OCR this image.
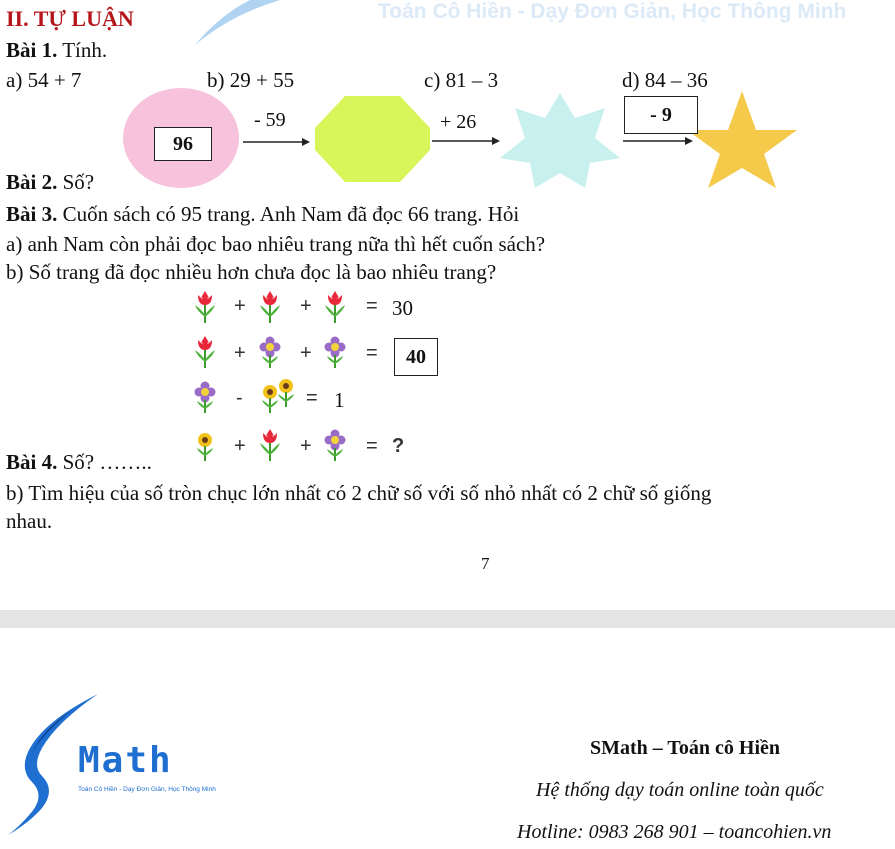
Toán Cô Hiền - Dạy Đơn Giản, Học Thông Minh
II. TỰ LUẬN
Bài 1. Tính.
a) 54 + 7	b) 29 + 55	c) 81 – 3	d) 84 – 36
96
- 59	+ 26	- 9
Bài 2. Số?
Bài 3. Cuốn sách có 95 trang. Anh Nam đã đọc 66 trang. Hỏi
a) anh Nam còn phải đọc bao nhiêu trang nữa thì hết cuốn sách?
b) Số trang đã đọc nhiều hơn chưa đọc là bao nhiêu trang?
+	+	= 30
+	+	=	40
-	= 1
+	+	= ?
Bài 4. Số? ……..
b) Tìm hiệu của số tròn chục lớn nhất có 2 chữ số với số nhỏ nhất có 2 chữ số giống
nhau.
7
Math
Toán Cô Hiền - Dạy Đơn Giản, Học Thông Minh
SMath – Toán cô Hiền
Hệ thống dạy toán online toàn quốc
Hotline: 0983 268 901 – toancohien.vn
